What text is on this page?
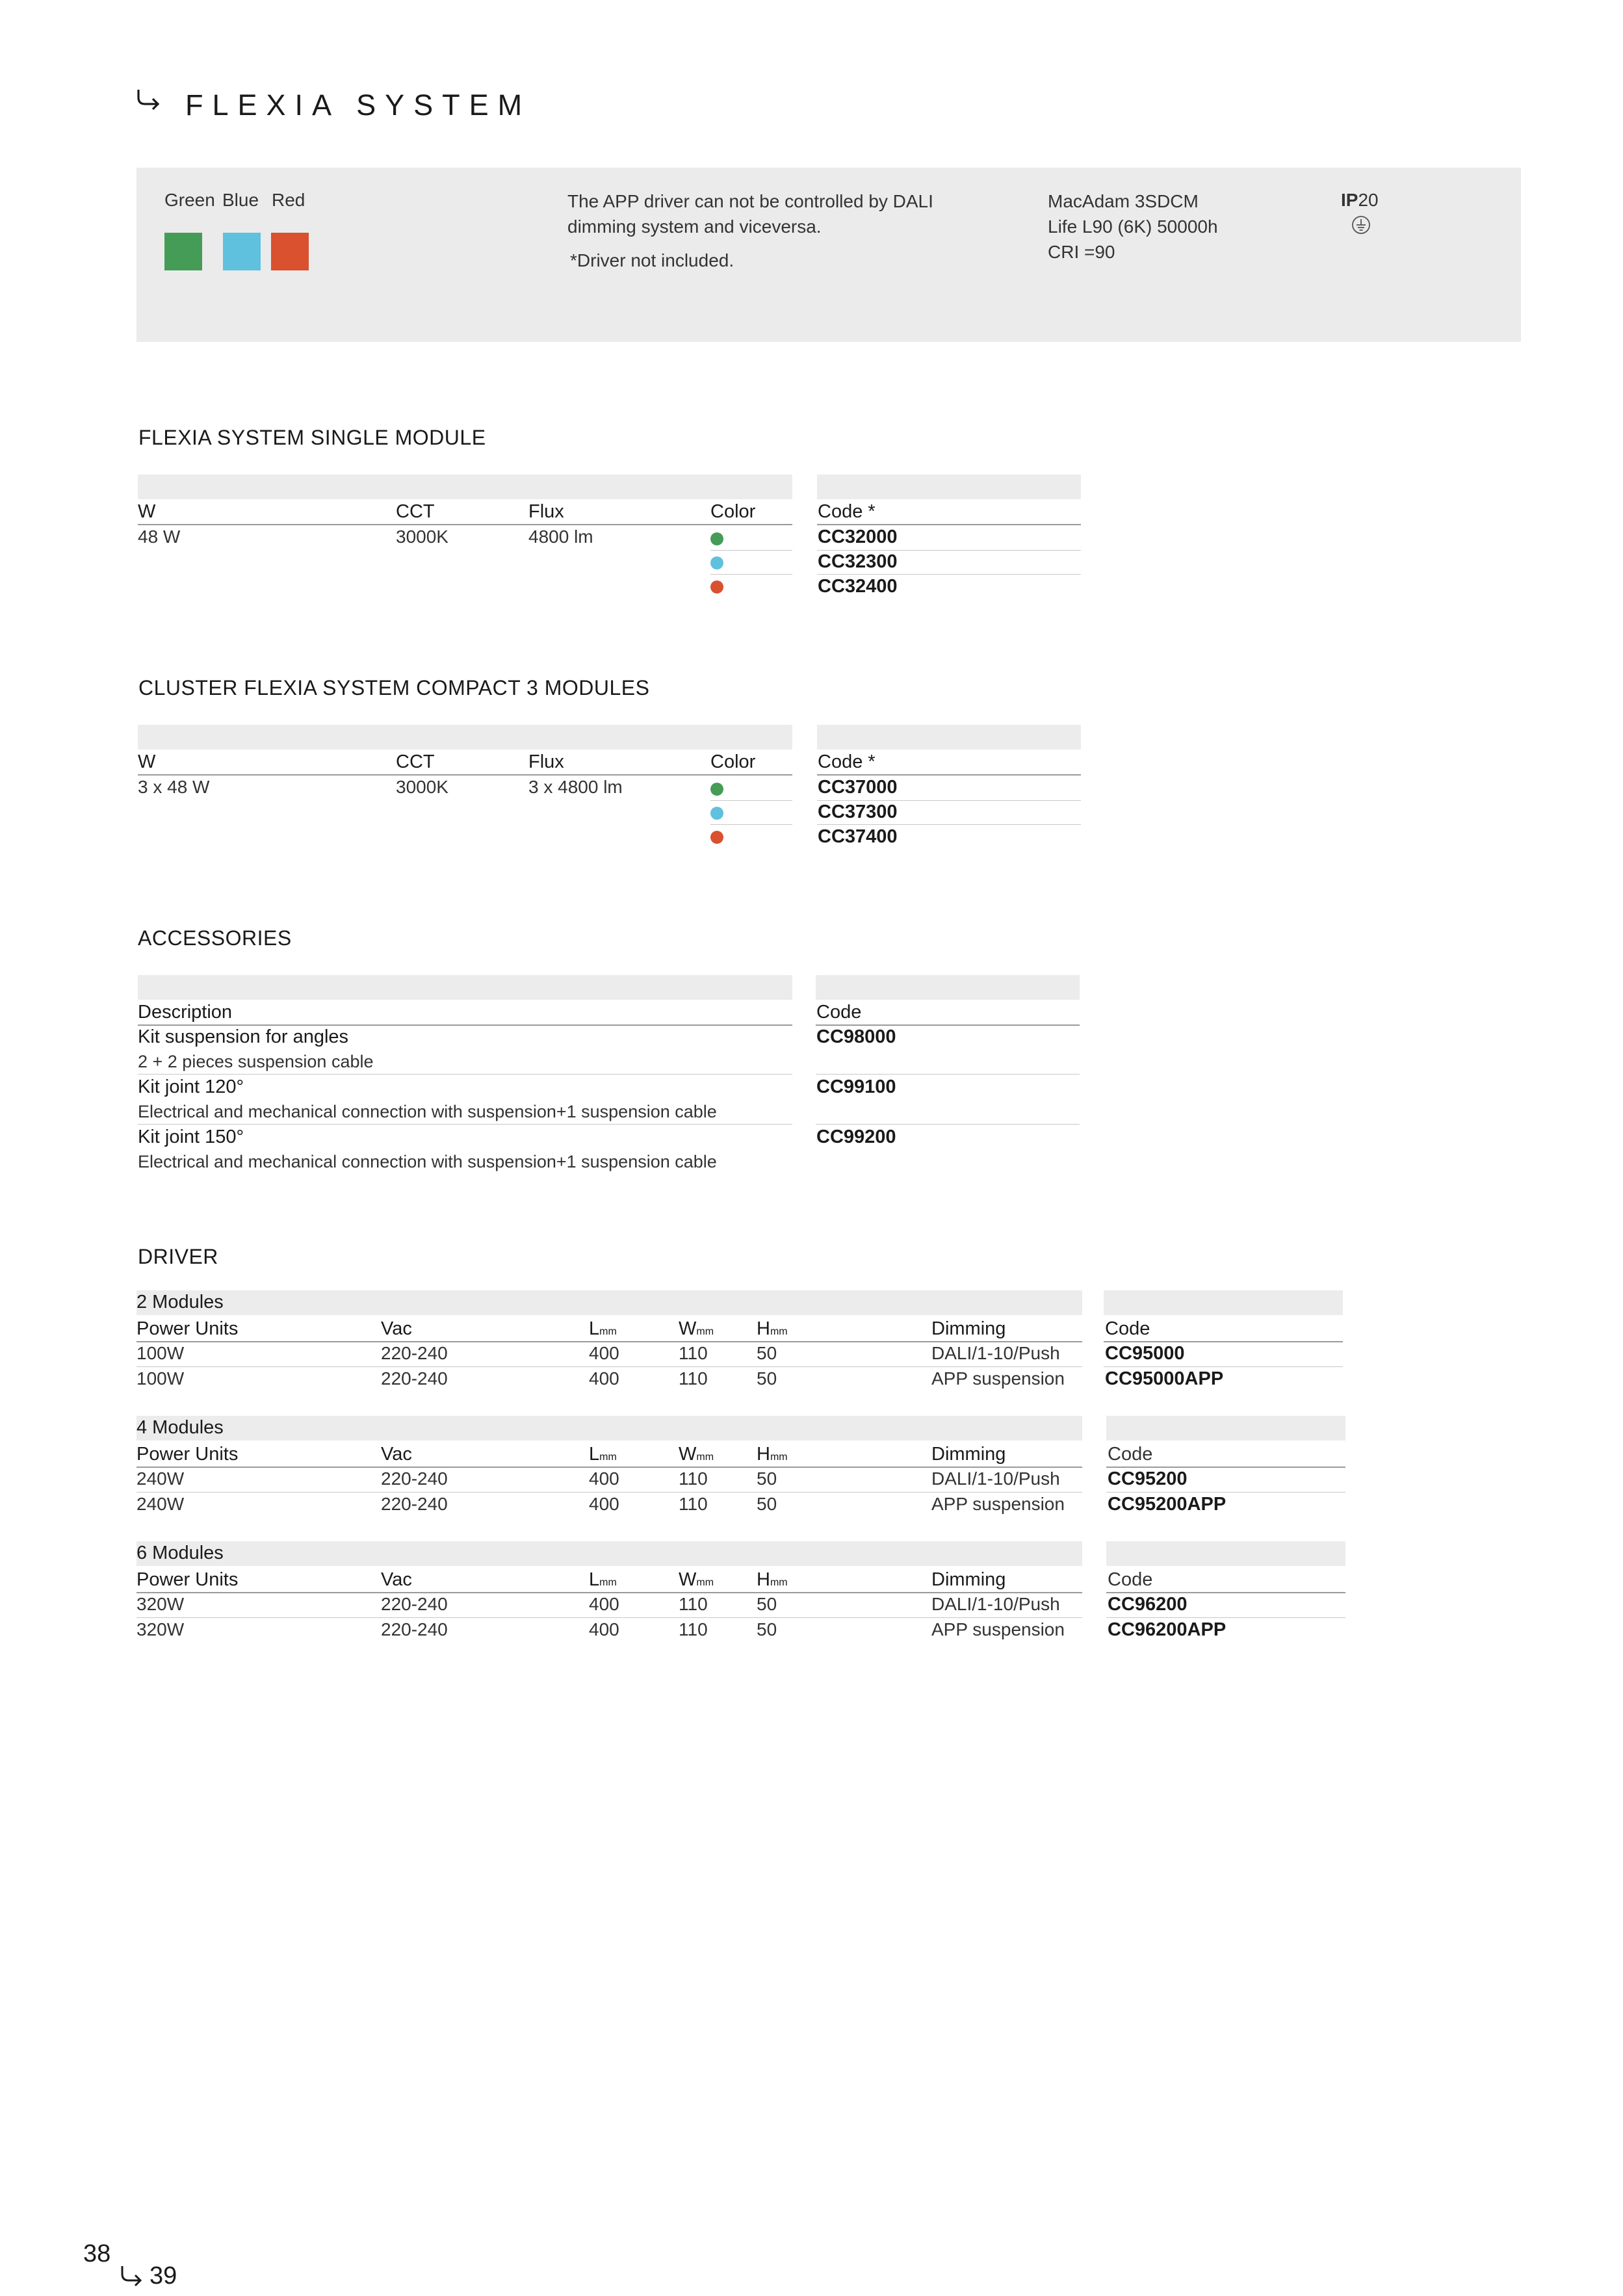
FLEXIA SYSTEM
Green Blue Red	The APP driver can not be controlled by DALI
dimming system and viceversa.
*Driver not included.
MacAdam 3SDCM
Life L90 (6K) 50000h
CRI =90
IP20
FLEXIA SYSTEM SINGLE MODULE
W	CCT	Flux	Color	Code *
48 W	3000K	4800 lm	CC32000
CC32300
CC32400
CLUSTER FLEXIA SYSTEM COMPACT 3 MODULES
W	CCT	Flux	Color	Code *
3 x 48 W	3000K	3 x 4800 lm	CC37000
CC37300
CC37400
ACCESSORIES
Description	Code
Kit suspension for angles
2 + 2 pieces suspension cable
CC98000
Kit joint 120°
Electrical and mechanical connection with suspension+1 suspension cable
CC99100
Kit joint 150°
Electrical and mechanical connection with suspension+1 suspension cable
CC99200
DRIVER
2 Modules
Power Units	Vac	Lmm	Wmm Hmm	Dimming	Code
100W	220-240	400	110	50	DALI/1-10/Push CC95000
100W	220-240	400	110	50	APP suspension CC95000APP
4 Modules
Power Units	Vac	Lmm	Wmm Hmm	Dimming	Code
240W	220-240	400	110	50	DALI/1-10/Push	CC95200
240W	220-240	400	110	50	APP suspension CC95200APP
6 Modules
Power Units	Vac	Lmm	Wmm Hmm	Dimming	Code
320W	220-240	400	110	50	DALI/1-10/Push	CC96200
320W	220-240	400	110	50	APP suspension CC96200APP
38
39
